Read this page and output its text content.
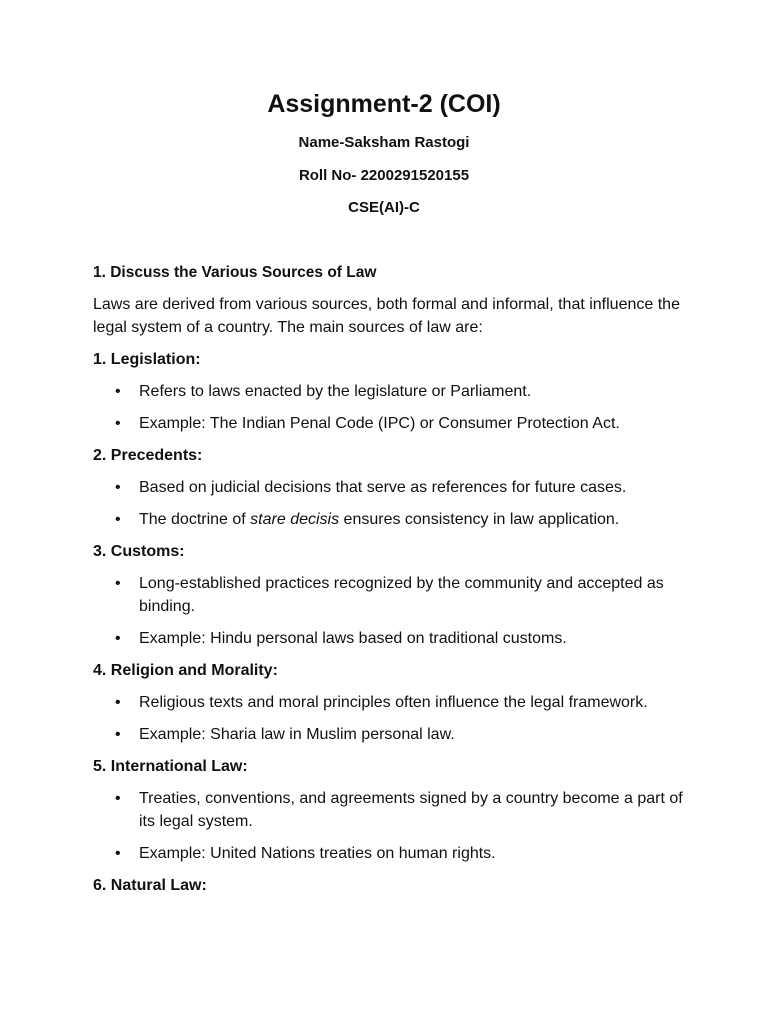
Assignment-2 (COI)
Name-Saksham Rastogi
Roll No- 2200291520155
CSE(AI)-C
1. Discuss the Various Sources of Law
Laws are derived from various sources, both formal and informal, that influence the legal system of a country. The main sources of law are:
1. Legislation:
• Refers to laws enacted by the legislature or Parliament.
• Example: The Indian Penal Code (IPC) or Consumer Protection Act.
2. Precedents:
• Based on judicial decisions that serve as references for future cases.
• The doctrine of stare decisis ensures consistency in law application.
3. Customs:
• Long-established practices recognized by the community and accepted as binding.
• Example: Hindu personal laws based on traditional customs.
4. Religion and Morality:
• Religious texts and moral principles often influence the legal framework.
• Example: Sharia law in Muslim personal law.
5. International Law:
• Treaties, conventions, and agreements signed by a country become a part of its legal system.
• Example: United Nations treaties on human rights.
6. Natural Law:
